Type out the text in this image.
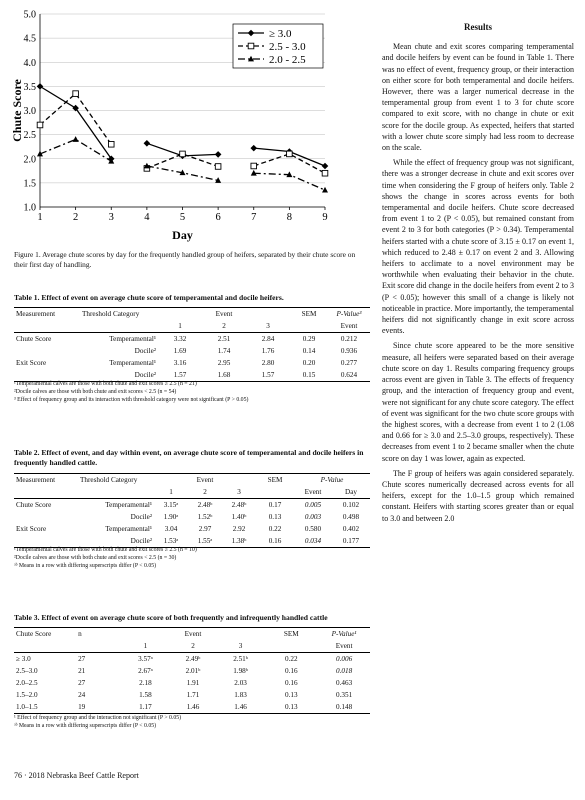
1.0
1.5
2.0
2.5
3.0
3.5
4.0
4.5
5.0
1	2	3	4	5	6	7	8	9
Day
Chute Score
≥ 3.0
2.5 - 3.0
2.0 - 2.5
Figure 1. Average chute scores by day for the frequently handled group of heifers, separated by their chute score on their first day of handling.
Table 1. Effect of event on average chute score of temperamental and docile heifers.
Measurement	Threshold Category	Event			SEM	P-Value³
		1	2	3		Event
Chute Score	Temperamental¹	3.32	2.51	2.84	0.29	0.212
	Docile²	1.69	1.74	1.76	0.14	0.936
Exit Score	Temperamental¹	3.16	2.95	2.80	0.20	0.277
	Docile²	1.57	1.68	1.57	0.15	0.624
¹Temperamental calves are those with both chute and exit scores ≥ 2.5 (n = 21)
²Docile calves are those with both chute and exit scores < 2.5 (n = 54)
³ Effect of frequency group and its interaction with threshold category were not significant (P > 0.05)
Table 2. Effect of event, and day within event, on average chute score of temperamental and docile heifers in frequently handled cattle.
Measurement	Threshold Category	Event			SEM	P-Value	
		1	2	3		Event	Day
Chute Score	Temperamental¹	3.15ᵃ	2.48ᵇ	2.48ᵇ	0.17	0.005	0.102
	Docile²	1.90ᵃ	1.52ᵇ	1.40ᵇ	0.13	0.003	0.498
Exit Score	Temperamental¹	3.04	2.97	2.92	0.22	0.580	0.402
	Docile²	1.53ᵃ	1.55ᵃ	1.38ᵇ	0.16	0.034	0.177
¹Temperamental calves are those with both chute and exit scores ≥ 2.5 (n = 10)
²Docile calves are those with both chute and exit scores < 2.5 (n = 30)
ᵃᵇ Means in a row with differing superscripts differ (P < 0.05)
Table 3. Effect of event on average chute score of both frequently and infrequently handled cattle
Chute Score	n	Event			SEM	P-Value¹
		1	2	3		Event
≥ 3.0	27	3.57ᵃ	2.49ᵇ	2.51ᵇ	0.22	0.006
2.5–3.0	21	2.67ᵃ	2.01ᵇ	1.98ᵇ	0.16	0.018
2.0–2.5	27	2.18	1.91	2.03	0.16	0.463
1.5–2.0	24	1.58	1.71	1.83	0.13	0.351
1.0–1.5	19	1.17	1.46	1.46	0.13	0.148
¹ Effect of frequency group and the interaction not significant (P > 0.05)
ᵃᵇ Means in a row with differing superscripts differ (P < 0.05)
Results

Mean chute and exit scores comparing temperamental and docile heifers by event can be found in Table 1. There was no effect of event, frequency group, or their interaction on either score for both temperamental and docile heifers. However, there was a larger numerical decrease in the temperamental group from event 1 to 3 for chute score compared to exit score, with no change in chute or exit score for the docile group. As expected, heifers that started with a lower chute score simply had less room to decrease on the scale.

While the effect of frequency group was not significant, there was a stronger decrease in chute and exit scores over time when considering the F group of heifers only. Table 2 shows the change in scores across events for both temperamental and docile heifers. Chute score decreased from event 1 to 2 (P < 0.05), but remained constant from event 2 to 3 for both categories (P > 0.34). Temperamental heifers started with a chute score of 3.15 ± 0.17 on event 1, which reduced to 2.48 ± 0.17 on event 2 and 3. Allowing heifers to acclimate to a novel environment may be worthwhile when evaluating their behavior in the chute. Exit score did change in the docile heifers from event 2 to 3 (P < 0.05); however this small of a change is likely not noticeable in practice. More importantly, the temperamental heifers did not significantly change in exit score across events.

Since chute score appeared to be the more sensitive measure, all heifers were separated based on their average chute score on day 1. Results comparing frequency groups across event are given in Table 3. The effects of frequency group, and the interaction of frequency group and event, were not significant for any chute score category. The effect of event was significant for the two chute score groups with the highest scores, with a decrease from event 1 to 2 (1.08 and 0.66 for ≥ 3.0 and 2.5–3.0 groups, respectively). These decreases from event 1 to 2 became smaller when the chute score on day 1 was lower, again as expected.

The F group of heifers was again considered separately. Chute scores numerically decreased across events for all heifers, except for the 1.0–1.5 group which remained constant. Heifers with starting scores greater than or equal to 3.0 and between 2.0

76 · 2018 Nebraska Beef Cattle Report
